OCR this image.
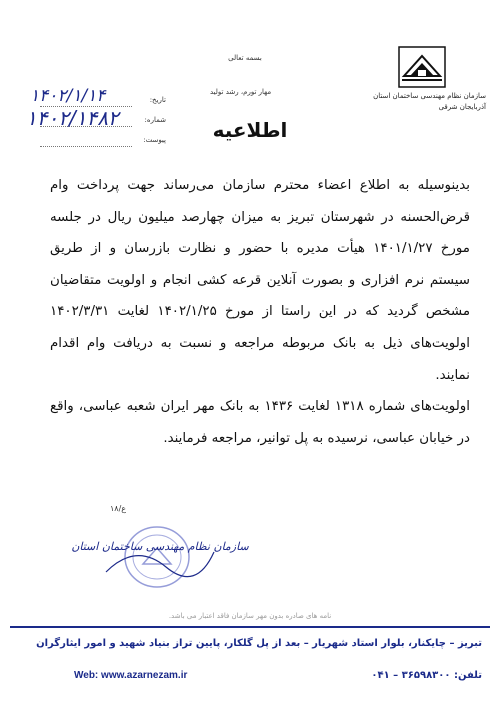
بسمه تعالی
سازمان نظام مهندسی ساختمان استان
آذربایجان شرقی
مهار تورم، رشد تولید
تاریخ:
شماره:
پیوست:
۱۴۰۲/۱/۱۴
۱۴۰۲/۱۴۸۲	اطلاعیه

بدینوسیله به اطلاع اعضاء محترم سازمان می‌رساند جهت پرداخت وام قرض‌الحسنه در شهرستان تبریز به میزان چهارصد میلیون ریال در جلسه مورخ ۱۴۰۱/۱/۲۷ هیأت مدیره با حضور و نظارت بازرسان و از طریق سیستم نرم افزاری و بصورت آنلاین قرعه کشی انجام و اولویت متقاضیان مشخص گردید که در این راستا از مورخ ۱۴۰۲/۱/۲۵ لغایت ۱۴۰۲/۳/۳۱ اولویت‌های ذیل به بانک مربوطه مراجعه و نسبت به دریافت وام اقدام نمایند.

اولویت‌های شماره ۱۳۱۸ لغایت ۱۴۳۶ به بانک مهر ایران شعبه عباسی، واقع در خیابان عباسی، نرسیده به پل توانیر، مراجعه فرمایند.

ع/۱۸
سازمان نظام مهندسی ساختمان استان
نامه های صادره بدون مهر سازمان فاقد اعتبار می باشد.
تبریز – چایکنار، بلوار استاد شهریار – بعد از پل گلکار، پایین تراز بنیاد شهید و امور ایثارگران
Web: www.azarnezam.ir	تلفن: ۳۶۵۹۸۳۰۰ – ۰۴۱
